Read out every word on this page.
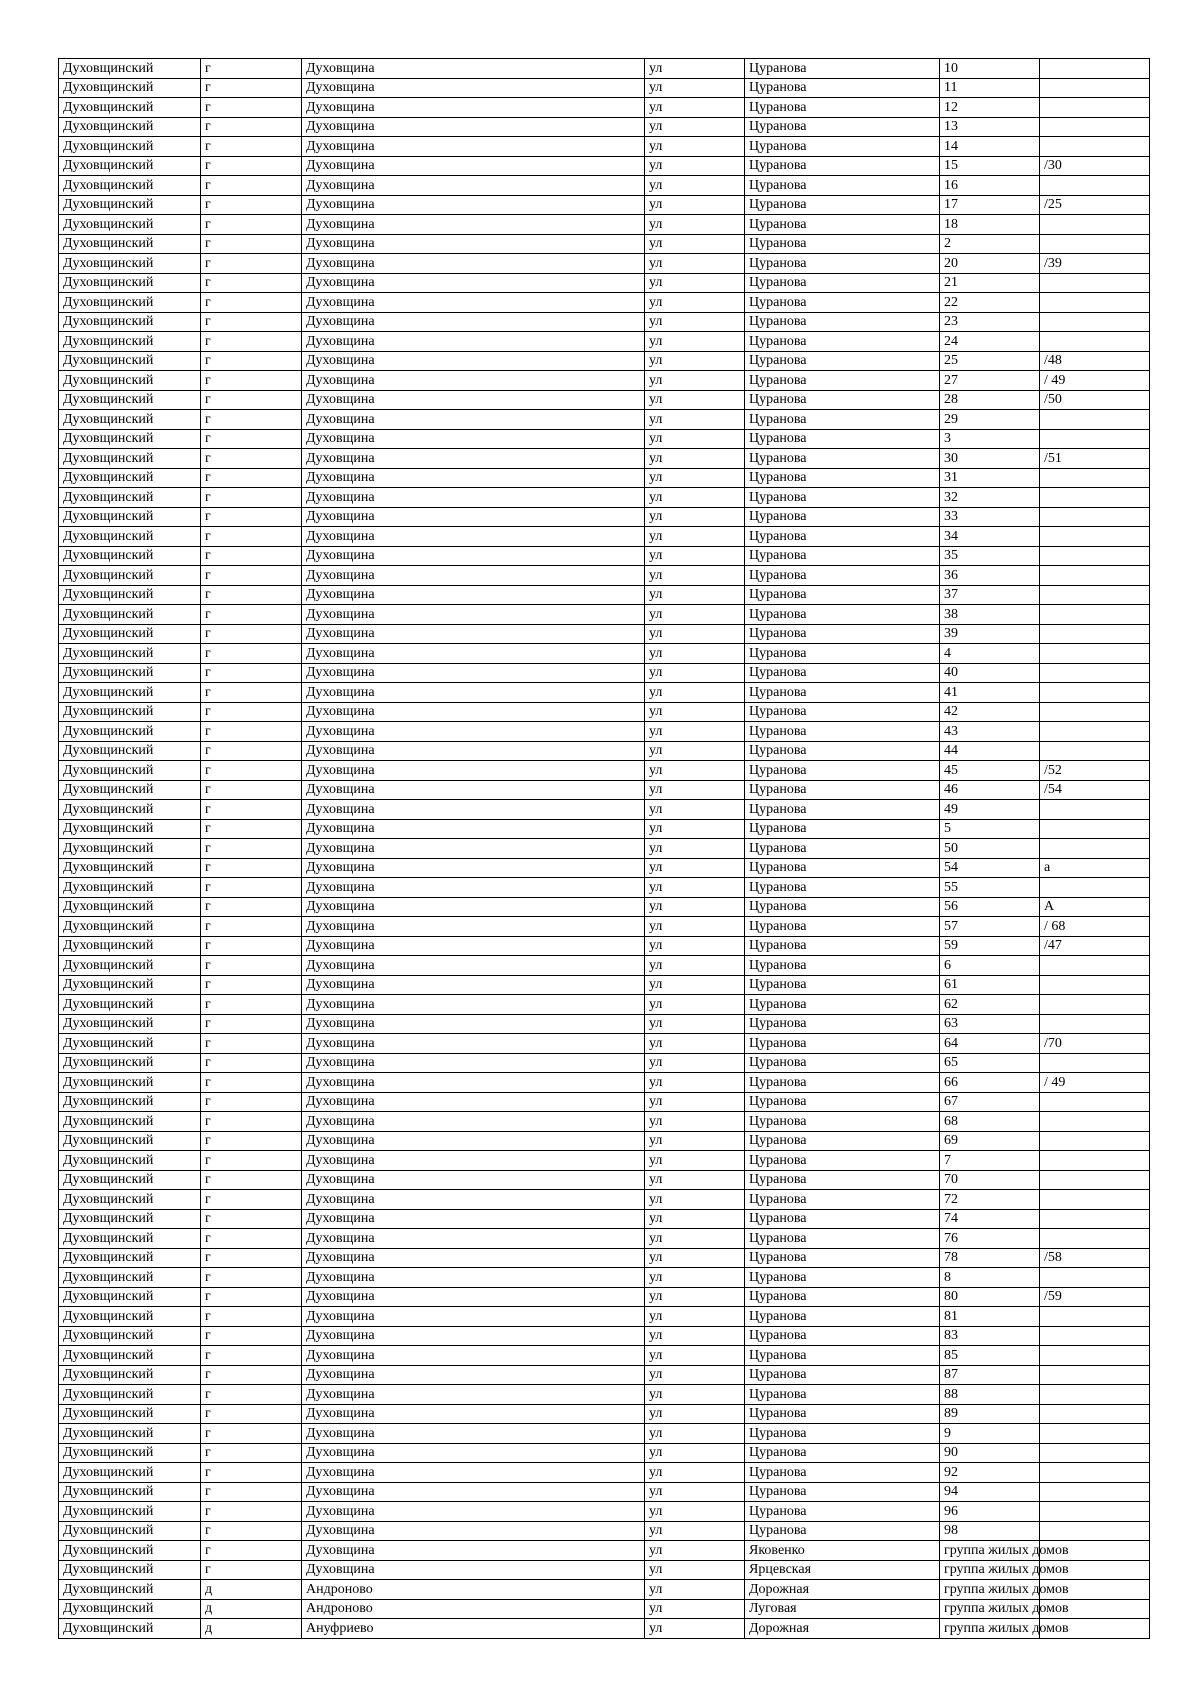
Духовщинский	г	Духовщина	ул	Цуранова	10	
Духовщинский	г	Духовщина	ул	Цуранова	11	
Духовщинский	г	Духовщина	ул	Цуранова	12	
Духовщинский	г	Духовщина	ул	Цуранова	13	
Духовщинский	г	Духовщина	ул	Цуранова	14	
Духовщинский	г	Духовщина	ул	Цуранова	15	/30
Духовщинский	г	Духовщина	ул	Цуранова	16	
Духовщинский	г	Духовщина	ул	Цуранова	17	/25
Духовщинский	г	Духовщина	ул	Цуранова	18	
Духовщинский	г	Духовщина	ул	Цуранова	2	
Духовщинский	г	Духовщина	ул	Цуранова	20	/39
Духовщинский	г	Духовщина	ул	Цуранова	21	
Духовщинский	г	Духовщина	ул	Цуранова	22	
Духовщинский	г	Духовщина	ул	Цуранова	23	
Духовщинский	г	Духовщина	ул	Цуранова	24	
Духовщинский	г	Духовщина	ул	Цуранова	25	/48
Духовщинский	г	Духовщина	ул	Цуранова	27	/ 49
Духовщинский	г	Духовщина	ул	Цуранова	28	/50
Духовщинский	г	Духовщина	ул	Цуранова	29	
Духовщинский	г	Духовщина	ул	Цуранова	3	
Духовщинский	г	Духовщина	ул	Цуранова	30	/51
Духовщинский	г	Духовщина	ул	Цуранова	31	
Духовщинский	г	Духовщина	ул	Цуранова	32	
Духовщинский	г	Духовщина	ул	Цуранова	33	
Духовщинский	г	Духовщина	ул	Цуранова	34	
Духовщинский	г	Духовщина	ул	Цуранова	35	
Духовщинский	г	Духовщина	ул	Цуранова	36	
Духовщинский	г	Духовщина	ул	Цуранова	37	
Духовщинский	г	Духовщина	ул	Цуранова	38	
Духовщинский	г	Духовщина	ул	Цуранова	39	
Духовщинский	г	Духовщина	ул	Цуранова	4	
Духовщинский	г	Духовщина	ул	Цуранова	40	
Духовщинский	г	Духовщина	ул	Цуранова	41	
Духовщинский	г	Духовщина	ул	Цуранова	42	
Духовщинский	г	Духовщина	ул	Цуранова	43	
Духовщинский	г	Духовщина	ул	Цуранова	44	
Духовщинский	г	Духовщина	ул	Цуранова	45	/52
Духовщинский	г	Духовщина	ул	Цуранова	46	/54
Духовщинский	г	Духовщина	ул	Цуранова	49	
Духовщинский	г	Духовщина	ул	Цуранова	5	
Духовщинский	г	Духовщина	ул	Цуранова	50	
Духовщинский	г	Духовщина	ул	Цуранова	54	а
Духовщинский	г	Духовщина	ул	Цуранова	55	
Духовщинский	г	Духовщина	ул	Цуранова	56	А
Духовщинский	г	Духовщина	ул	Цуранова	57	/ 68
Духовщинский	г	Духовщина	ул	Цуранова	59	/47
Духовщинский	г	Духовщина	ул	Цуранова	6	
Духовщинский	г	Духовщина	ул	Цуранова	61	
Духовщинский	г	Духовщина	ул	Цуранова	62	
Духовщинский	г	Духовщина	ул	Цуранова	63	
Духовщинский	г	Духовщина	ул	Цуранова	64	/70
Духовщинский	г	Духовщина	ул	Цуранова	65	
Духовщинский	г	Духовщина	ул	Цуранова	66	/ 49
Духовщинский	г	Духовщина	ул	Цуранова	67	
Духовщинский	г	Духовщина	ул	Цуранова	68	
Духовщинский	г	Духовщина	ул	Цуранова	69	
Духовщинский	г	Духовщина	ул	Цуранова	7	
Духовщинский	г	Духовщина	ул	Цуранова	70	
Духовщинский	г	Духовщина	ул	Цуранова	72	
Духовщинский	г	Духовщина	ул	Цуранова	74	
Духовщинский	г	Духовщина	ул	Цуранова	76	
Духовщинский	г	Духовщина	ул	Цуранова	78	/58
Духовщинский	г	Духовщина	ул	Цуранова	8	
Духовщинский	г	Духовщина	ул	Цуранова	80	/59
Духовщинский	г	Духовщина	ул	Цуранова	81	
Духовщинский	г	Духовщина	ул	Цуранова	83	
Духовщинский	г	Духовщина	ул	Цуранова	85	
Духовщинский	г	Духовщина	ул	Цуранова	87	
Духовщинский	г	Духовщина	ул	Цуранова	88	
Духовщинский	г	Духовщина	ул	Цуранова	89	
Духовщинский	г	Духовщина	ул	Цуранова	9	
Духовщинский	г	Духовщина	ул	Цуранова	90	
Духовщинский	г	Духовщина	ул	Цуранова	92	
Духовщинский	г	Духовщина	ул	Цуранова	94	
Духовщинский	г	Духовщина	ул	Цуранова	96	
Духовщинский	г	Духовщина	ул	Цуранова	98	
Духовщинский	г	Духовщина	ул	Яковенко	группа жилых домов	
Духовщинский	г	Духовщина	ул	Ярцевская	группа жилых домов	
Духовщинский	д	Андроново	ул	Дорожная	группа жилых домов	
Духовщинский	д	Андроново	ул	Луговая	группа жилых домов	
Духовщинский	д	Ануфриево	ул	Дорожная	группа жилых домов	
